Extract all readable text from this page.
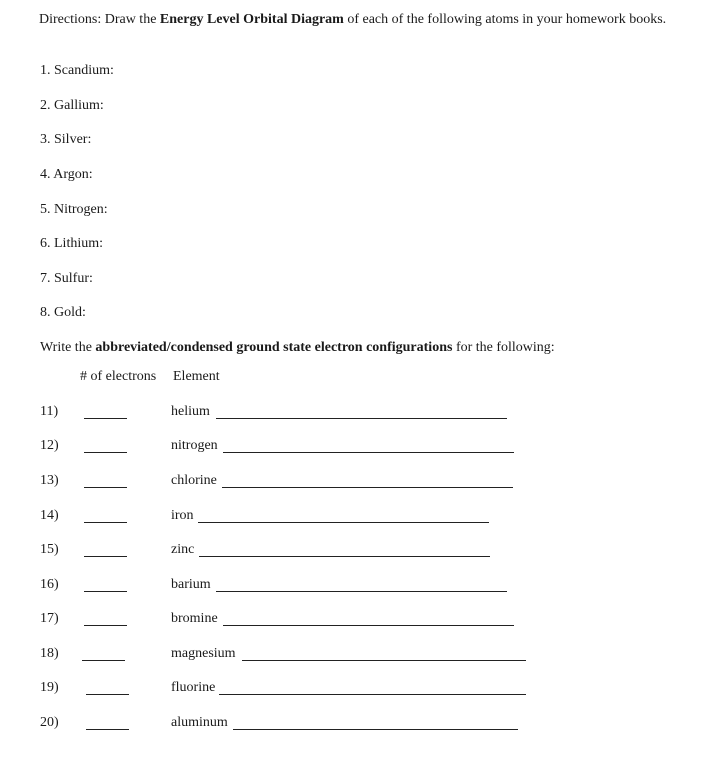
Directions: Draw the Energy Level Orbital Diagram of each of the following atoms in your homework books.
1. Scandium:
2. Gallium:
3. Silver:
4. Argon:
5. Nitrogen:
6. Lithium:
7. Sulfur:
8. Gold:
Write the abbreviated/condensed ground state electron configurations for the following:
# of electrons Element
11)	helium
12)	nitrogen
13)	chlorine
14)	iron
15)	zinc
16)	barium
17)	bromine
18)	magnesium
19)	fluorine
20)	aluminum
